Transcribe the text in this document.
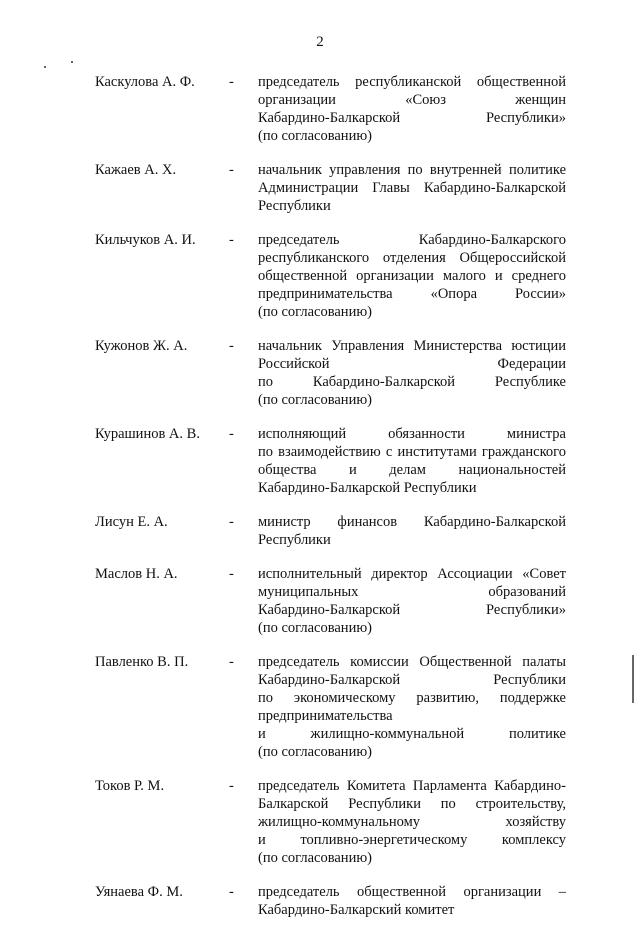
2
Каскулова А. Ф. - председатель республиканской общественной
организации «Союз женщин
Кабардино-Балкарской Республики»
(по согласованию)
Кажаев А. Х.	- начальник управления по внутренней политике
Администрации Главы Кабардино-Балкарской
Республики
Кильчуков А. И. - председатель Кабардино-Балкарского
республиканского отделения Общероссийской
общественной организации малого и среднего
предпринимательства «Опора России»
(по согласованию)
Кужонов Ж. А.	- начальник Управления Министерства юстиции
Российской Федерации
по Кабардино-Балкарской Республике
(по согласованию)
Курашинов А. В. - исполняющий обязанности министра
по взаимодействию с институтами гражданского
общества и делам национальностей
Кабардино-Балкарской Республики
Лисун Е. А.	- министр финансов Кабардино-Балкарской
Республики
Маслов Н. А.	- исполнительный директор Ассоциации «Совет
муниципальных образований
Кабардино-Балкарской Республики»
(по согласованию)
Павленко В. П.	- председатель комиссии Общественной палаты
Кабардино-Балкарской Республики
по экономическому развитию, поддержке
предпринимательства
и жилищно-коммунальной политике
(по согласованию)
Токов Р. М.	- председатель Комитета Парламента Кабардино-
Балкарской Республики по строительству,
жилищно-коммунальному хозяйству
и топливно-энергетическому комплексу
(по согласованию)
Уянаева Ф. М.	- председатель общественной организации –
Кабардино-Балкарский комитет
